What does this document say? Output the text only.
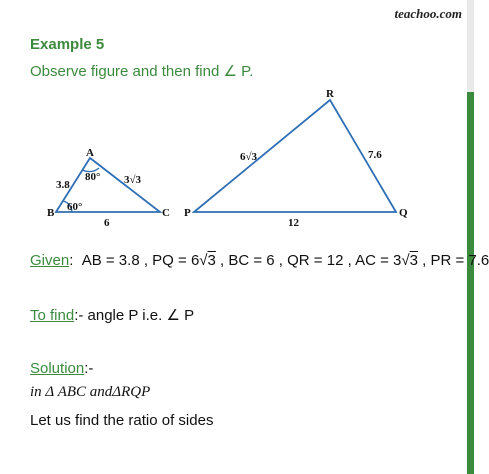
teachoo.com
Example 5
Observe figure and then find ∠ P.
A
B	C
3.8	3√3
6
80°
60°
R
P	Q
6√3	7.6
12
Given:  AB = 3.8 , PQ = 6√3 , BC = 6 , QR = 12 , AC = 3√3 , PR = 7.6
To find:- angle P i.e. ∠ P
Solution:-
in Δ ABC andΔRQP
Let us find the ratio of sides
